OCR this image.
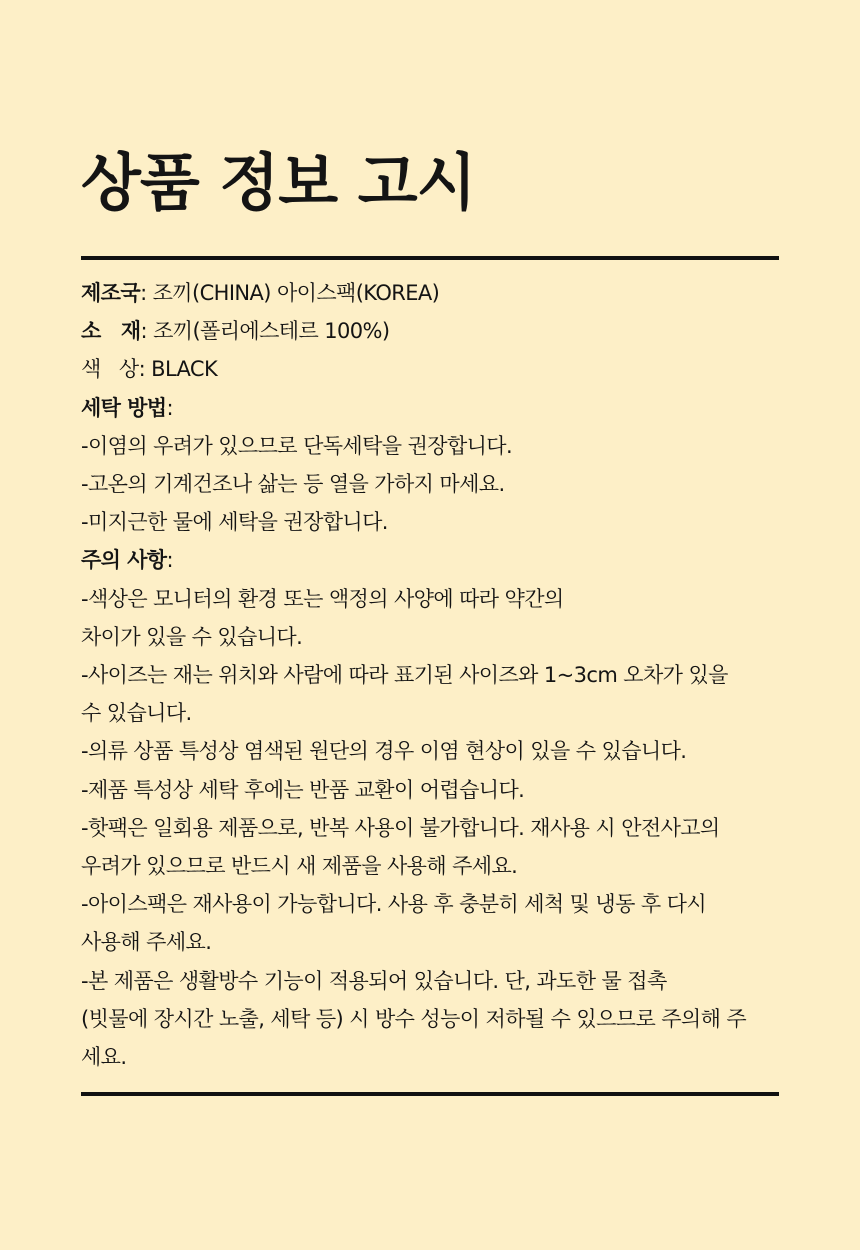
상품 정보 고시
제조국: 조끼(CHINA) 아이스팩(KOREA)
소   재: 조끼(폴리에스테르 100%)
색   상: BLACK
세탁 방법:
-이염의 우려가 있으므로 단독세탁을 권장합니다.
-고온의 기계건조나 삶는 등 열을 가하지 마세요.
-미지근한 물에 세탁을 권장합니다.
주의 사항:
-색상은 모니터의 환경 또는 액정의 사양에 따라 약간의
차이가 있을 수 있습니다.
-사이즈는 재는 위치와 사람에 따라 표기된 사이즈와 1~3cm 오차가 있을
수 있습니다.
-의류 상품 특성상 염색된 원단의 경우 이염 현상이 있을 수 있습니다.
-제품 특성상 세탁 후에는 반품 교환이 어렵습니다.
-핫팩은 일회용 제품으로, 반복 사용이 불가합니다. 재사용 시 안전사고의
우려가 있으므로 반드시 새 제품을 사용해 주세요.
-아이스팩은 재사용이 가능합니다. 사용 후 충분히 세척 및 냉동 후 다시
사용해 주세요.
-본 제품은 생활방수 기능이 적용되어 있습니다. 단, 과도한 물 접촉
(빗물에 장시간 노출, 세탁 등) 시 방수 성능이 저하될 수 있으므로 주의해 주
세요.
